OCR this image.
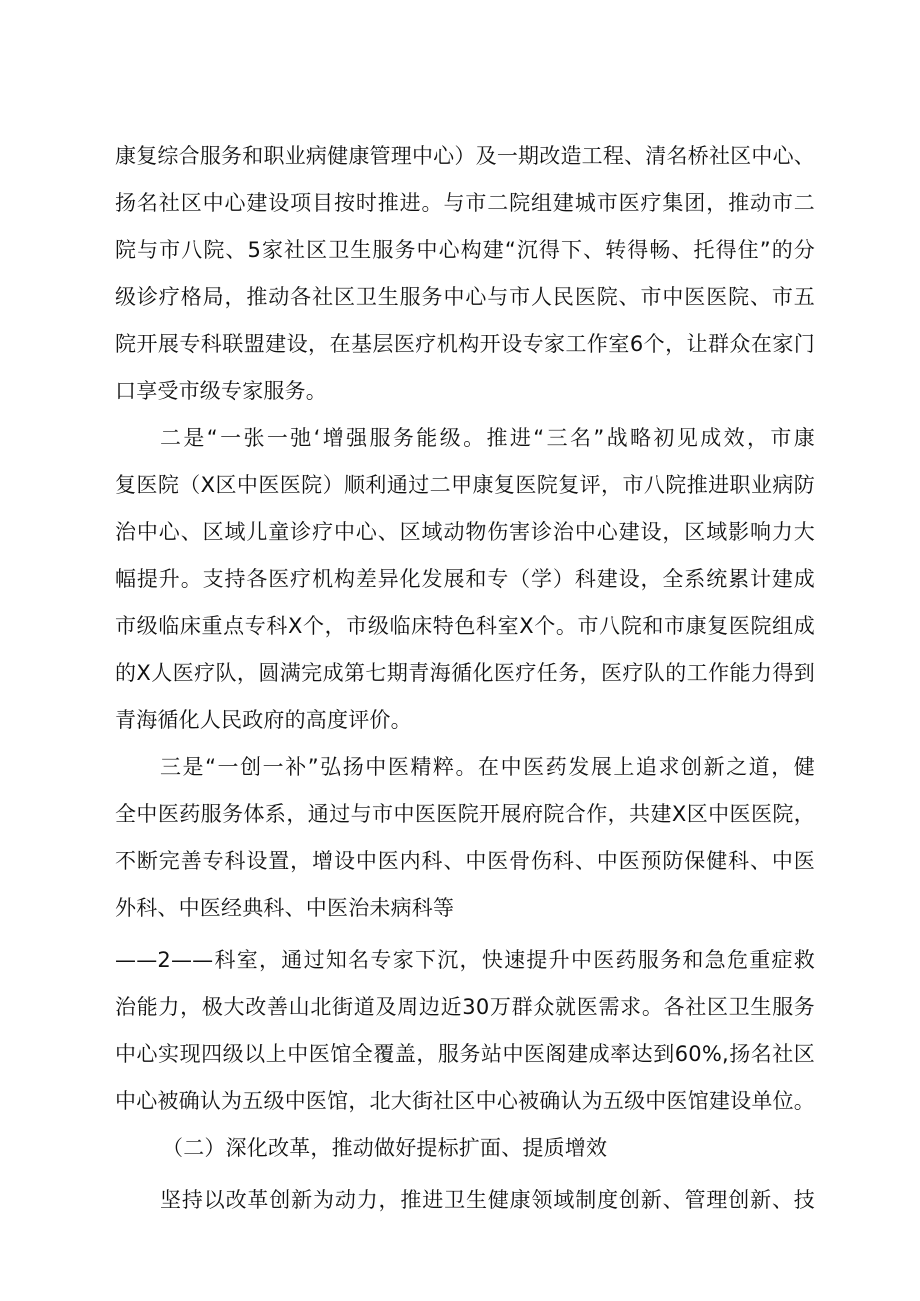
康复综合服务和职业病健康管理中心）及一期改造工程、清名桥社区中心、
扬名社区中心建设项目按时推进。与市二院组建城市医疗集团，推动市二
院与市八院、5家社区卫生服务中心构建“沉得下、转得畅、托得住”的分
级诊疗格局，推动各社区卫生服务中心与市人民医院、市中医医院、市五
院开展专科联盟建设，在基层医疗机构开设专家工作室6个，让群众在家门
口享受市级专家服务。
二是“一张一弛‘增强服务能级。推进“三名”战略初见成效，市康
复医院（X区中医医院）顺利通过二甲康复医院复评，市八院推进职业病防
治中心、区域儿童诊疗中心、区域动物伤害诊治中心建设，区域影响力大
幅提升。支持各医疗机构差异化发展和专（学）科建设，全系统累计建成
市级临床重点专科X个，市级临床特色科室X个。市八院和市康复医院组成
的X人医疗队，圆满完成第七期青海循化医疗任务，医疗队的工作能力得到
青海循化人民政府的高度评价。
三是“一创一补”弘扬中医精粹。在中医药发展上追求创新之道，健
全中医药服务体系，通过与市中医医院开展府院合作，共建X区中医医院，
不断完善专科设置，增设中医内科、中医骨伤科、中医预防保健科、中医
外科、中医经典科、中医治未病科等
——2——科室，通过知名专家下沉，快速提升中医药服务和急危重症救
治能力，极大改善山北街道及周边近30万群众就医需求。各社区卫生服务
中心实现四级以上中医馆全覆盖，服务站中医阁建成率达到60%,扬名社区
中心被确认为五级中医馆，北大街社区中心被确认为五级中医馆建设单位。
（二）深化改革，推动做好提标扩面、提质增效
坚持以改革创新为动力，推进卫生健康领域制度创新、管理创新、技
